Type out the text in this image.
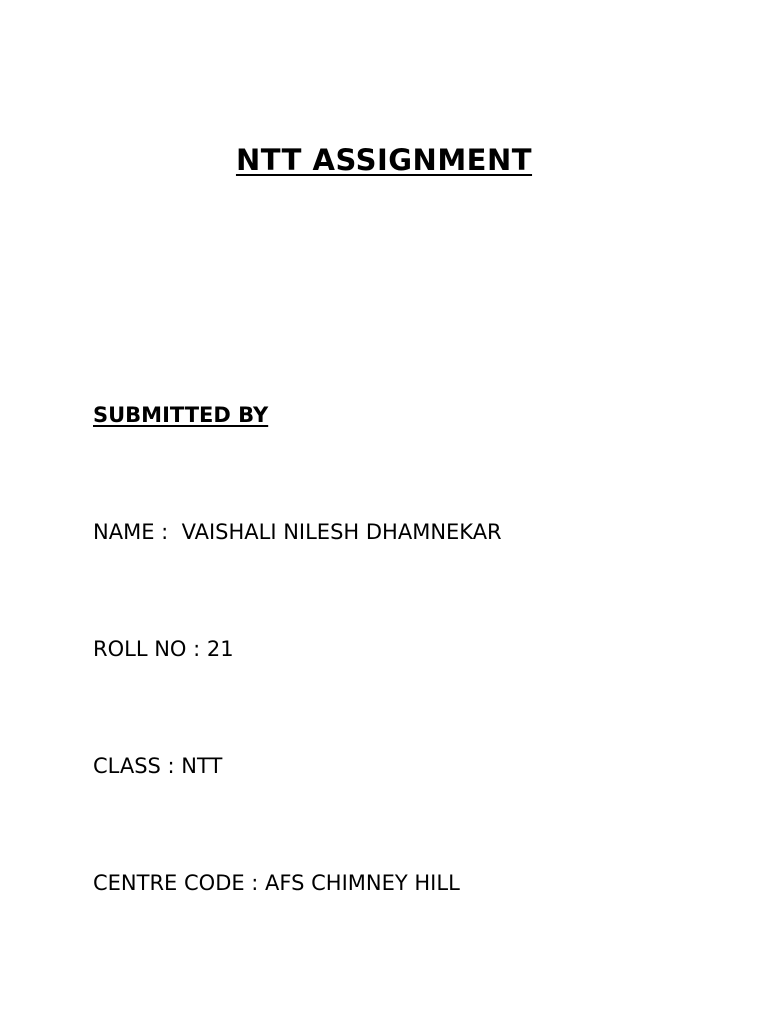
NTT ASSIGNMENT

SUBMITTED BY

NAME :  VAISHALI NILESH DHAMNEKAR

ROLL NO : 21

CLASS : NTT

CENTRE CODE : AFS CHIMNEY HILL
